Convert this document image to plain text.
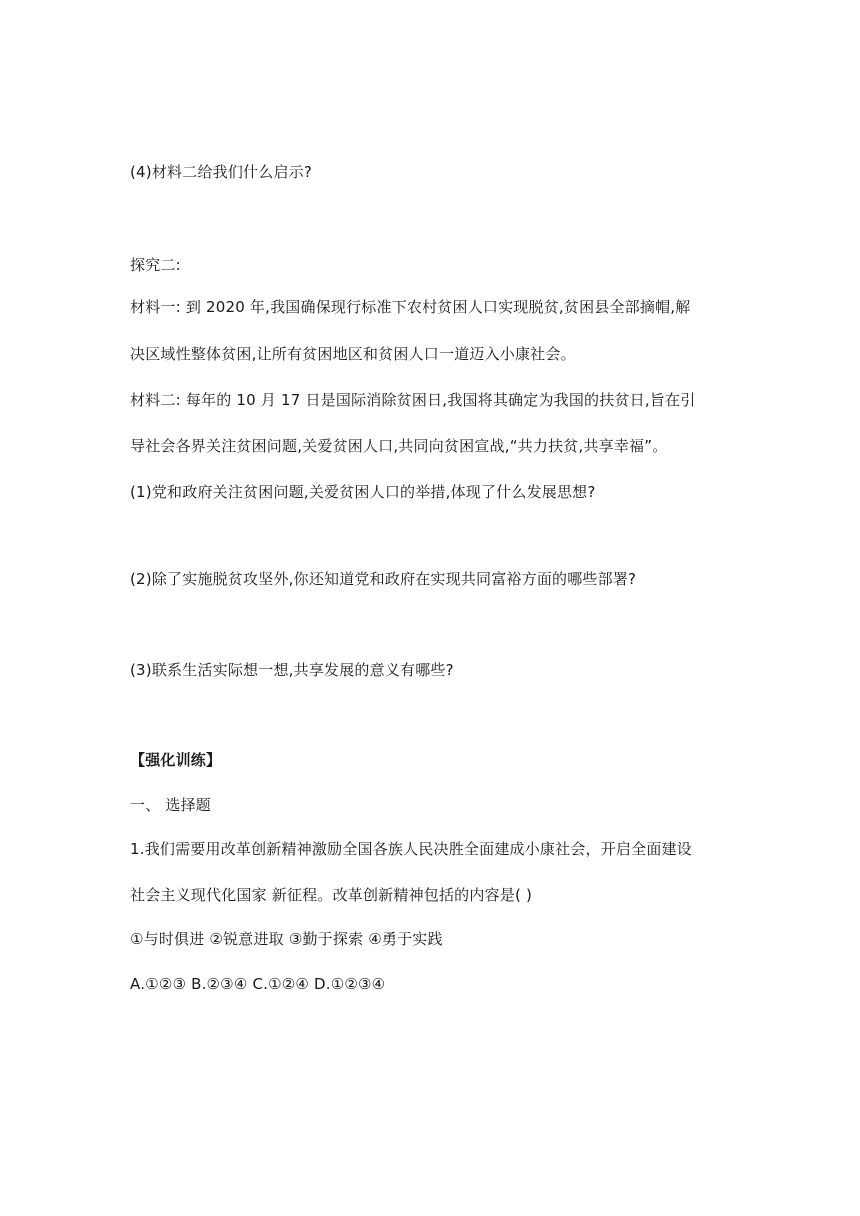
(4)材料二给我们什么启示?
探究二:
材料一: 到 2020 年,我国确保现行标准下农村贫困人口实现脱贫,贫困县全部摘帽,解
决区域性整体贫困,让所有贫困地区和贫困人口一道迈入小康社会。
材料二: 每年的 10 月 17 日是国际消除贫困日,我国将其确定为我国的扶贫日,旨在引
导社会各界关注贫困问题,关爱贫困人口,共同向贫困宣战,“共力扶贫,共享幸福”。
(1)党和政府关注贫困问题,关爱贫困人口的举措,体现了什么发展思想?
(2)除了实施脱贫攻坚外,你还知道党和政府在实现共同富裕方面的哪些部署?
(3)联系生活实际想一想,共享发展的意义有哪些?
【强化训练】
一、 选择题
1.我们需要用改革创新精神激励全国各族人民决胜全面建成小康社会，开启全面建设
社会主义现代化国家 新征程。改革创新精神包括的内容是( )
①与时俱进 ②锐意进取 ③勤于探索 ④勇于实践
A.①②③ B.②③④ C.①②④ D.①②③④
